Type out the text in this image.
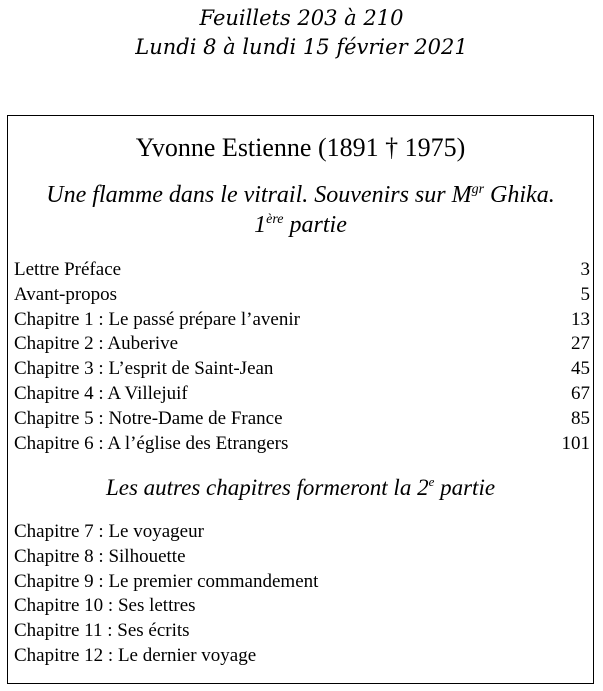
Feuillets 203 à 210
Lundi 8 à lundi 15 février 2021
Yvonne Estienne (1891 † 1975)
Une flamme dans le vitrail. Souvenirs sur $M^{gr}$ Ghika.
1ère partie
Lettre Préface	3
Avant-propos	5
Chapitre 1 : Le passé prépare l’avenir	13
Chapitre 2 : Auberive	27
Chapitre 3 : L’esprit de Saint-Jean	45
Chapitre 4 : A Villejuif	67
Chapitre 5 : Notre-Dame de France	85
Chapitre 6 : A l’église des Etrangers	101
Les autres chapitres formeront la 2e partie
Chapitre 7 : Le voyageur
Chapitre 8 : Silhouette
Chapitre 9 : Le premier commandement
Chapitre 10 : Ses lettres
Chapitre 11 : Ses écrits
Chapitre 12 : Le dernier voyage
